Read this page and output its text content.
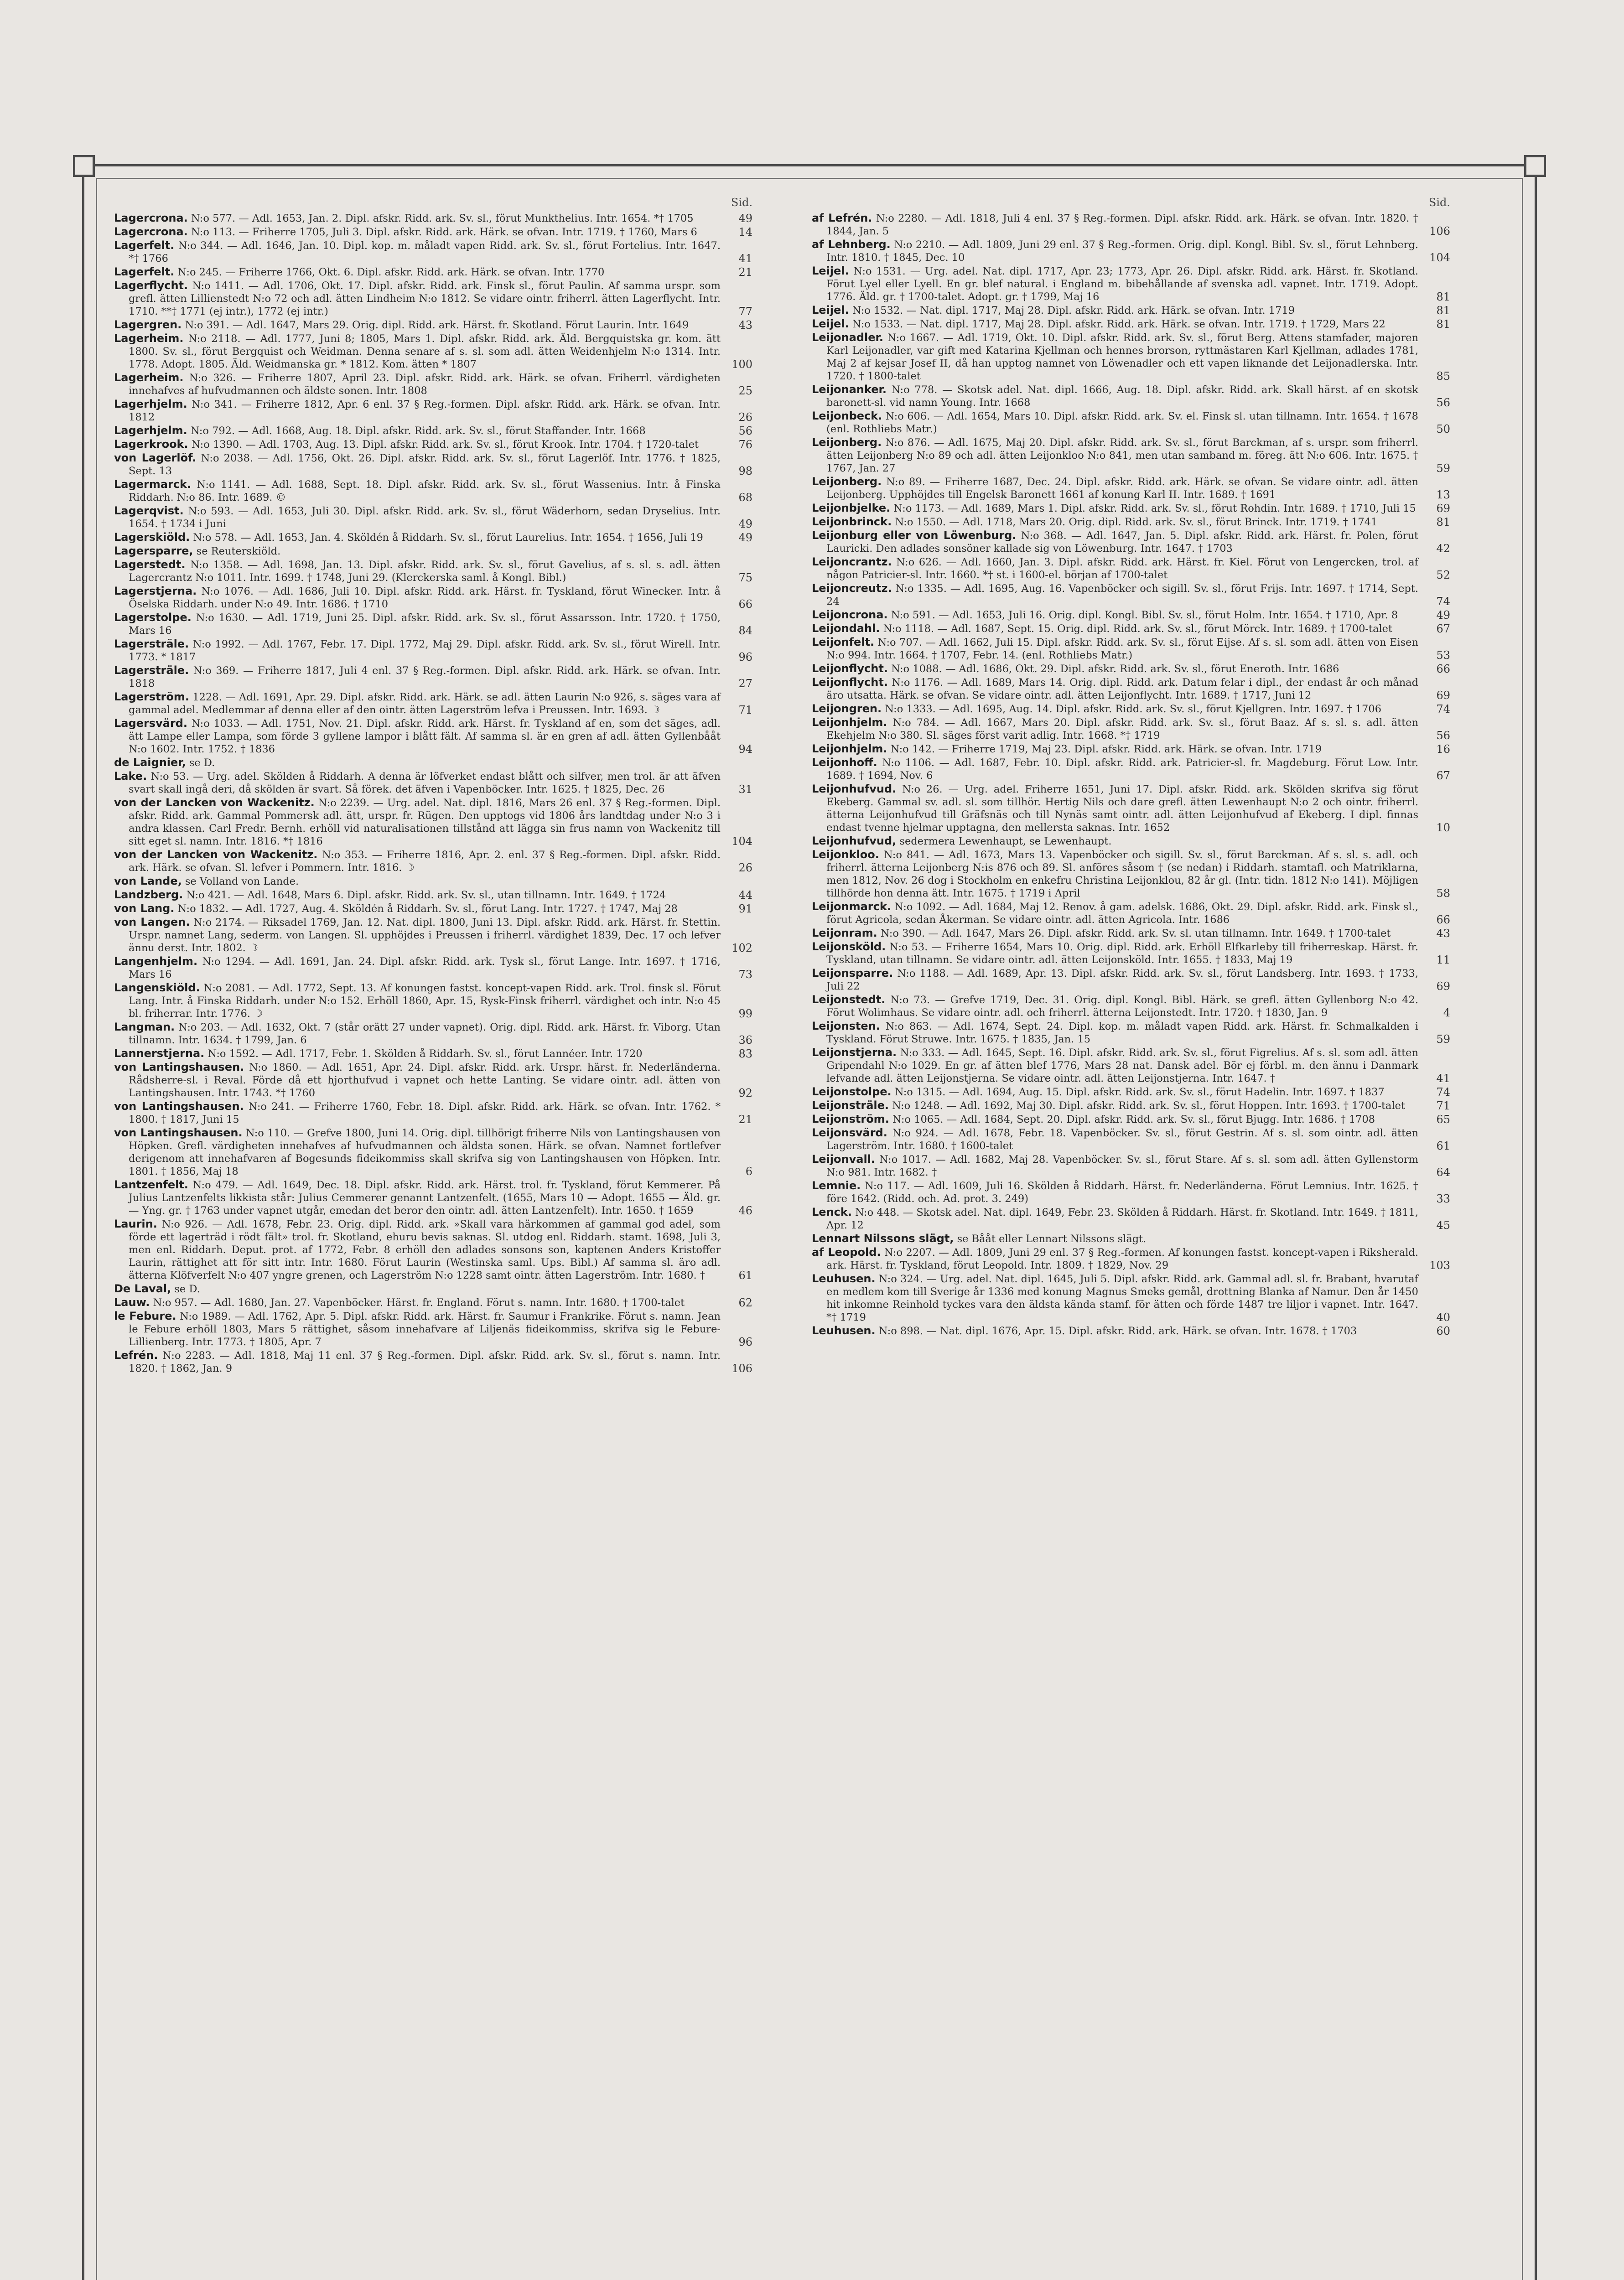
Sid.
Lagercrona. N:o 577. — Adl. 1653, Jan. 2. Dipl. afskr. Ridd. ark. Sv. sl., förut Munkthelius. Intr. 1654. *† 1705	49
Lagercrona. N:o 113. — Friherre 1705, Juli 3. Dipl. afskr. Ridd. ark. Härk. se ofvan. Intr. 1719. † 1760, Mars 6	14
Lagerfelt. N:o 344. — Adl. 1646, Jan. 10. Dipl. kop. m. måladt vapen Ridd. ark. Sv. sl., förut Fortelius. Intr. 1647. *† 1766	41
Lagerfelt. N:o 245. — Friherre 1766, Okt. 6. Dipl. afskr. Ridd. ark. Härk. se ofvan. Intr. 1770	21
Lagerflycht. N:o 1411. — Adl. 1706, Okt. 17. Dipl. afskr. Ridd. ark. Finsk sl., förut Paulin. Af samma urspr. som grefl. ätten Lillienstedt N:o 72 och adl. ätten Lindheim N:o 1812. Se vidare ointr. friherrl. ätten Lagerflycht. Intr. 1710. **† 1771 (ej intr.), 1772 (ej intr.)	77
Lagergren. N:o 391. — Adl. 1647, Mars 29. Orig. dipl. Ridd. ark. Härst. fr. Skotland. Förut Laurin. Intr. 1649	43
Lagerheim. N:o 2118. — Adl. 1777, Juni 8; 1805, Mars 1. Dipl. afskr. Ridd. ark. Äld. Bergquistska gr. kom. ätt 1800. Sv. sl., förut Bergquist och Weidman. Denna senare af s. sl. som adl. ätten Weidenhjelm N:o 1314. Intr. 1778. Adopt. 1805. Äld. Weidmanska gr. * 1812. Kom. ätten * 1807	100
Lagerheim. N:o 326. — Friherre 1807, April 23. Dipl. afskr. Ridd. ark. Härk. se ofvan. Friherrl. värdigheten innehafves af hufvudmannen och äldste sonen. Intr. 1808	25
Lagerhjelm. N:o 341. — Friherre 1812, Apr. 6 enl. 37 § Reg.-formen. Dipl. afskr. Ridd. ark. Härk. se ofvan. Intr. 1812	26
Lagerhjelm. N:o 792. — Adl. 1668, Aug. 18. Dipl. afskr. Ridd. ark. Sv. sl., förut Staffander. Intr. 1668	56
Lagerkrook. N:o 1390. — Adl. 1703, Aug. 13. Dipl. afskr. Ridd. ark. Sv. sl., förut Krook. Intr. 1704. † 1720-talet	76
von Lagerlöf. N:o 2038. — Adl. 1756, Okt. 26. Dipl. afskr. Ridd. ark. Sv. sl., förut Lagerlöf. Intr. 1776. † 1825, Sept. 13	98
Lagermarck. N:o 1141. — Adl. 1688, Sept. 18. Dipl. afskr. Ridd. ark. Sv. sl., förut Wassenius. Intr. å Finska Riddarh. N:o 86. Intr. 1689. ©	68
Lagerqvist. N:o 593. — Adl. 1653, Juli 30. Dipl. afskr. Ridd. ark. Sv. sl., förut Wäderhorn, sedan Dryselius. Intr. 1654. † 1734 i Juni	49
Lagerskiöld. N:o 578. — Adl. 1653, Jan. 4. Sköldén å Riddarh. Sv. sl., förut Laurelius. Intr. 1654. † 1656, Juli 19	49
Lagersparre, se Reuterskiöld.
Lagerstedt. N:o 1358. — Adl. 1698, Jan. 13. Dipl. afskr. Ridd. ark. Sv. sl., förut Gavelius, af s. sl. s. adl. ätten Lagercrantz N:o 1011. Intr. 1699. † 1748, Juni 29. (Klerckerska saml. å Kongl. Bibl.)	75
Lagerstjerna. N:o 1076. — Adl. 1686, Juli 10. Dipl. afskr. Ridd. ark. Härst. fr. Tyskland, förut Winecker. Intr. å Öselska Riddarh. under N:o 49. Intr. 1686. † 1710	66
Lagerstolpe. N:o 1630. — Adl. 1719, Juni 25. Dipl. afskr. Ridd. ark. Sv. sl., förut Assarsson. Intr. 1720. † 1750, Mars 16	84
Lagersträle. N:o 1992. — Adl. 1767, Febr. 17. Dipl. 1772, Maj 29. Dipl. afskr. Ridd. ark. Sv. sl., förut Wirell. Intr. 1773. * 1817	96
Lagersträle. N:o 369. — Friherre 1817, Juli 4 enl. 37 § Reg.-formen. Dipl. afskr. Ridd. ark. Härk. se ofvan. Intr. 1818	27
Lagerström. 1228. — Adl. 1691, Apr. 29. Dipl. afskr. Ridd. ark. Härk. se adl. ätten Laurin N:o 926, s. säges vara af gammal adel. Medlemmar af denna eller af den ointr. ätten Lagerström lefva i Preussen. Intr. 1693. ☽	71
Lagersvärd. N:o 1033. — Adl. 1751, Nov. 21. Dipl. afskr. Ridd. ark. Härst. fr. Tyskland af en, som det säges, adl. ätt Lampe eller Lampa, som förde 3 gyllene lampor i blått fält. Af samma sl. är en gren af adl. ätten Gyllenbååt N:o 1602. Intr. 1752. † 1836	94
de Laignier, se D.
Lake. N:o 53. — Urg. adel. Skölden å Riddarh. A denna är löfverket endast blått och silfver, men trol. är att äfven svart skall ingå deri, då skölden är svart. Så förek. det äfven i Vapenböcker. Intr. 1625. † 1825, Dec. 26	31
von der Lancken von Wackenitz. N:o 2239. — Urg. adel. Nat. dipl. 1816, Mars 26 enl. 37 § Reg.-formen. Dipl. afskr. Ridd. ark. Gammal Pommersk adl. ätt, urspr. fr. Rügen. Den upptogs vid 1806 års landtdag under N:o 3 i andra klassen. Carl Fredr. Bernh. erhöll vid naturalisationen tillstånd att lägga sin frus namn von Wackenitz till sitt eget sl. namn. Intr. 1816. *† 1816	104
von der Lancken von Wackenitz. N:o 353. — Friherre 1816, Apr. 2. enl. 37 § Reg.-formen. Dipl. afskr. Ridd. ark. Härk. se ofvan. Sl. lefver i Pommern. Intr. 1816. ☽	26
von Lande, se Volland von Lande.
Landzberg. N:o 421. — Adl. 1648, Mars 6. Dipl. afskr. Ridd. ark. Sv. sl., utan tillnamn. Intr. 1649. † 1724	44
von Lang. N:o 1832. — Adl. 1727, Aug. 4. Sköldén å Riddarh. Sv. sl., förut Lang. Intr. 1727. † 1747, Maj 28	91
von Langen. N:o 2174. — Riksadel 1769, Jan. 12. Nat. dipl. 1800, Juni 13. Dipl. afskr. Ridd. ark. Härst. fr. Stettin. Urspr. namnet Lang, sederm. von Langen. Sl. upphöjdes i Preussen i friherrl. värdighet 1839, Dec. 17 och lefver ännu derst. Intr. 1802. ☽	102
Langenhjelm. N:o 1294. — Adl. 1691, Jan. 24. Dipl. afskr. Ridd. ark. Tysk sl., förut Lange. Intr. 1697. † 1716, Mars 16	73
Langenskiöld. N:o 2081. — Adl. 1772, Sept. 13. Af konungen fastst. koncept-vapen Ridd. ark. Trol. finsk sl. Förut Lang. Intr. å Finska Riddarh. under N:o 152. Erhöll 1860, Apr. 15, Rysk-Finsk friherrl. värdighet och intr. N:o 45 bl. friherrar. Intr. 1776. ☽	99
Langman. N:o 203. — Adl. 1632, Okt. 7 (står orätt 27 under vapnet). Orig. dipl. Ridd. ark. Härst. fr. Viborg. Utan tillnamn. Intr. 1634. † 1799, Jan. 6	36
Lannerstjerna. N:o 1592. — Adl. 1717, Febr. 1. Skölden å Riddarh. Sv. sl., förut Lannéer. Intr. 1720	83
von Lantingshausen. N:o 1860. — Adl. 1651, Apr. 24. Dipl. afskr. Ridd. ark. Urspr. härst. fr. Nederländerna. Rådsherre-sl. i Reval. Förde då ett hjorthufvud i vapnet och hette Lanting. Se vidare ointr. adl. ätten von Lantingshausen. Intr. 1743. *† 1760	92
von Lantingshausen. N:o 241. — Friherre 1760, Febr. 18. Dipl. afskr. Ridd. ark. Härk. se ofvan. Intr. 1762. * 1800. † 1817, Juni 15	21
von Lantingshausen. N:o 110. — Grefve 1800, Juni 14. Orig. dipl. tillhörigt friherre Nils von Lantingshausen von Höpken. Grefl. värdigheten innehafves af hufvudmannen och äldsta sonen. Härk. se ofvan. Namnet fortlefver derigenom att innehafvaren af Bogesunds fideikommiss skall skrifva sig von Lantingshausen von Höpken. Intr. 1801. † 1856, Maj 18	6
Lantzenfelt. N:o 479. — Adl. 1649, Dec. 18. Dipl. afskr. Ridd. ark. Härst. trol. fr. Tyskland, förut Kemmerer. På Julius Lantzenfelts likkista står: Julius Cemmerer genannt Lantzenfelt. (1655, Mars 10 — Adopt. 1655 — Äld. gr. — Yng. gr. † 1763 under vapnet utgår, emedan det beror den ointr. adl. ätten Lantzenfelt). Intr. 1650. † 1659	46
Laurin. N:o 926. — Adl. 1678, Febr. 23. Orig. dipl. Ridd. ark. »Skall vara härkommen af gammal god adel, som förde ett lagerträd i rödt fält» trol. fr. Skotland, ehuru bevis saknas. Sl. utdog enl. Riddarh. stamt. 1698, Juli 3, men enl. Riddarh. Deput. prot. af 1772, Febr. 8 erhöll den adlades sonsons son, kaptenen Anders Kristoffer Laurin, rättighet att för sitt intr. Intr. 1680. Förut Laurin (Westinska saml. Ups. Bibl.) Af samma sl. äro adl. ätterna Klöfverfelt N:o 407 yngre grenen, och Lagerström N:o 1228 samt ointr. ätten Lagerström. Intr. 1680. †	61
De Laval, se D.
Lauw. N:o 957. — Adl. 1680, Jan. 27. Vapenböcker. Härst. fr. England. Förut s. namn. Intr. 1680. † 1700-talet	62
le Febure. N:o 1989. — Adl. 1762, Apr. 5. Dipl. afskr. Ridd. ark. Härst. fr. Saumur i Frankrike. Förut s. namn. Jean le Febure erhöll 1803, Mars 5 rättighet, såsom innehafvare af Liljenäs fideikommiss, skrifva sig le Febure-Lillienberg. Intr. 1773. † 1805, Apr. 7	96
Lefrén. N:o 2283. — Adl. 1818, Maj 11 enl. 37 § Reg.-formen. Dipl. afskr. Ridd. ark. Sv. sl., förut s. namn. Intr. 1820. † 1862, Jan. 9	106
Sid.
af Lefrén. N:o 2280. — Adl. 1818, Juli 4 enl. 37 § Reg.-formen. Dipl. afskr. Ridd. ark. Härk. se ofvan. Intr. 1820. † 1844, Jan. 5	106
af Lehnberg. N:o 2210. — Adl. 1809, Juni 29 enl. 37 § Reg.-formen. Orig. dipl. Kongl. Bibl. Sv. sl., förut Lehnberg. Intr. 1810. † 1845, Dec. 10	104
Leijel. N:o 1531. — Urg. adel. Nat. dipl. 1717, Apr. 23; 1773, Apr. 26. Dipl. afskr. Ridd. ark. Härst. fr. Skotland. Förut Lyel eller Lyell. En gr. blef natural. i England m. bibehållande af svenska adl. vapnet. Intr. 1719. Adopt. 1776. Äld. gr. † 1700-talet. Adopt. gr. † 1799, Maj 16	81
Leijel. N:o 1532. — Nat. dipl. 1717, Maj 28. Dipl. afskr. Ridd. ark. Härk. se ofvan. Intr. 1719	81
Leijel. N:o 1533. — Nat. dipl. 1717, Maj 28. Dipl. afskr. Ridd. ark. Härk. se ofvan. Intr. 1719. † 1729, Mars 22	81
Leijonadler. N:o 1667. — Adl. 1719, Okt. 10. Dipl. afskr. Ridd. ark. Sv. sl., förut Berg. Attens stamfader, majoren Karl Leijonadler, var gift med Katarina Kjellman och hennes brorson, ryttmästaren Karl Kjellman, adlades 1781, Maj 2 af kejsar Josef II, då han upptog namnet von Löwenadler och ett vapen liknande det Leijonadlerska. Intr. 1720. † 1800-talet	85
Leijonanker. N:o 778. — Skotsk adel. Nat. dipl. 1666, Aug. 18. Dipl. afskr. Ridd. ark. Skall härst. af en skotsk baronett-sl. vid namn Young. Intr. 1668	56
Leijonbeck. N:o 606. — Adl. 1654, Mars 10. Dipl. afskr. Ridd. ark. Sv. el. Finsk sl. utan tillnamn. Intr. 1654. † 1678 (enl. Rothliebs Matr.)	50
Leijonberg. N:o 876. — Adl. 1675, Maj 20. Dipl. afskr. Ridd. ark. Sv. sl., förut Barckman, af s. urspr. som friherrl. ätten Leijonberg N:o 89 och adl. ätten Leijonkloo N:o 841, men utan samband m. föreg. ätt N:o 606. Intr. 1675. † 1767, Jan. 27	59
Leijonberg. N:o 89. — Friherre 1687, Dec. 24. Dipl. afskr. Ridd. ark. Härk. se ofvan. Se vidare ointr. adl. ätten Leijonberg. Upphöjdes till Engelsk Baronett 1661 af konung Karl II. Intr. 1689. † 1691	13
Leijonbjelke. N:o 1173. — Adl. 1689, Mars 1. Dipl. afskr. Ridd. ark. Sv. sl., förut Rohdin. Intr. 1689. † 1710, Juli 15	69
Leijonbrinck. N:o 1550. — Adl. 1718, Mars 20. Orig. dipl. Ridd. ark. Sv. sl., förut Brinck. Intr. 1719. † 1741	81
Leijonburg eller von Löwenburg. N:o 368. — Adl. 1647, Jan. 5. Dipl. afskr. Ridd. ark. Härst. fr. Polen, förut Lauricki. Den adlades sonsöner kallade sig von Löwenburg. Intr. 1647. † 1703	42
Leijoncrantz. N:o 626. — Adl. 1660, Jan. 3. Dipl. afskr. Ridd. ark. Härst. fr. Kiel. Förut von Lengercken, trol. af någon Patricier-sl. Intr. 1660. *† st. i 1600-el. början af 1700-talet	52
Leijoncreutz. N:o 1335. — Adl. 1695, Aug. 16. Vapenböcker och sigill. Sv. sl., förut Frijs. Intr. 1697. † 1714, Sept. 24	74
Leijoncrona. N:o 591. — Adl. 1653, Juli 16. Orig. dipl. Kongl. Bibl. Sv. sl., förut Holm. Intr. 1654. † 1710, Apr. 8	49
Leijondahl. N:o 1118. — Adl. 1687, Sept. 15. Orig. dipl. Ridd. ark. Sv. sl., förut Mörck. Intr. 1689. † 1700-talet	67
Leijonfelt. N:o 707. — Adl. 1662, Juli 15. Dipl. afskr. Ridd. ark. Sv. sl., förut Eijse. Af s. sl. som adl. ätten von Eisen N:o 994. Intr. 1664. † 1707, Febr. 14. (enl. Rothliebs Matr.)	53
Leijonflycht. N:o 1088. — Adl. 1686, Okt. 29. Dipl. afskr. Ridd. ark. Sv. sl., förut Eneroth. Intr. 1686	66
Leijonflycht. N:o 1176. — Adl. 1689, Mars 14. Orig. dipl. Ridd. ark. Datum felar i dipl., der endast år och månad äro utsatta. Härk. se ofvan. Se vidare ointr. adl. ätten Leijonflycht. Intr. 1689. † 1717, Juni 12	69
Leijongren. N:o 1333. — Adl. 1695, Aug. 14. Dipl. afskr. Ridd. ark. Sv. sl., förut Kjellgren. Intr. 1697. † 1706	74
Leijonhjelm. N:o 784. — Adl. 1667, Mars 20. Dipl. afskr. Ridd. ark. Sv. sl., förut Baaz. Af s. sl. s. adl. ätten Ekehjelm N:o 380. Sl. säges först varit adlig. Intr. 1668. *† 1719	56
Leijonhjelm. N:o 142. — Friherre 1719, Maj 23. Dipl. afskr. Ridd. ark. Härk. se ofvan. Intr. 1719	16
Leijonhoff. N:o 1106. — Adl. 1687, Febr. 10. Dipl. afskr. Ridd. ark. Patricier-sl. fr. Magdeburg. Förut Low. Intr. 1689. † 1694, Nov. 6	67
Leijonhufvud. N:o 26. — Urg. adel. Friherre 1651, Juni 17. Dipl. afskr. Ridd. ark. Skölden skrifva sig förut Ekeberg. Gammal sv. adl. sl. som tillhör. Hertig Nils och dare grefl. ätten Lewenhaupt N:o 2 och ointr. friherrl. ätterna Leijonhufvud till Gräfsnäs och till Nynäs samt ointr. adl. ätten Leijonhufvud af Ekeberg. I dipl. finnas endast tvenne hjelmar upptagna, den mellersta saknas. Intr. 1652	10
Leijonhufvud, sedermera Lewenhaupt, se Lewenhaupt.
Leijonkloo. N:o 841. — Adl. 1673, Mars 13. Vapenböcker och sigill. Sv. sl., förut Barckman. Af s. sl. s. adl. och friherrl. ätterna Leijonberg N:is 876 och 89. Sl. anföres såsom † (se nedan) i Riddarh. stamtafl. och Matriklarna, men 1812, Nov. 26 dog i Stockholm en enkefru Christina Leijonklou, 82 år gl. (Intr. tidn. 1812 N:o 141). Möjligen tillhörde hon denna ätt. Intr. 1675. † 1719 i April	58
Leijonmarck. N:o 1092. — Adl. 1684, Maj 12. Renov. å gam. adelsk. 1686, Okt. 29. Dipl. afskr. Ridd. ark. Finsk sl., förut Agricola, sedan Åkerman. Se vidare ointr. adl. ätten Agricola. Intr. 1686	66
Leijonram. N:o 390. — Adl. 1647, Mars 26. Dipl. afskr. Ridd. ark. Sv. sl. utan tillnamn. Intr. 1649. † 1700-talet	43
Leijonsköld. N:o 53. — Friherre 1654, Mars 10. Orig. dipl. Ridd. ark. Erhöll Elfkarleby till friherreskap. Härst. fr. Tyskland, utan tillnamn. Se vidare ointr. adl. ätten Leijonsköld. Intr. 1655. † 1833, Maj 19	11
Leijonsparre. N:o 1188. — Adl. 1689, Apr. 13. Dipl. afskr. Ridd. ark. Sv. sl., förut Landsberg. Intr. 1693. † 1733, Juli 22	69
Leijonstedt. N:o 73. — Grefve 1719, Dec. 31. Orig. dipl. Kongl. Bibl. Härk. se grefl. ätten Gyllenborg N:o 42. Förut Wolimhaus. Se vidare ointr. adl. och friherrl. ätterna Leijonstedt. Intr. 1720. † 1830, Jan. 9	4
Leijonsten. N:o 863. — Adl. 1674, Sept. 24. Dipl. kop. m. måladt vapen Ridd. ark. Härst. fr. Schmalkalden i Tyskland. Förut Struwe. Intr. 1675. † 1835, Jan. 15	59
Leijonstjerna. N:o 333. — Adl. 1645, Sept. 16. Dipl. afskr. Ridd. ark. Sv. sl., förut Figrelius. Af s. sl. som adl. ätten Gripendahl N:o 1029. En gr. af ätten blef 1776, Mars 28 nat. Dansk adel. Bör ej förbl. m. den ännu i Danmark lefvande adl. ätten Leijonstjerna. Se vidare ointr. adl. ätten Leijonstjerna. Intr. 1647. †	41
Leijonstolpe. N:o 1315. — Adl. 1694, Aug. 15. Dipl. afskr. Ridd. ark. Sv. sl., förut Hadelin. Intr. 1697. † 1837	74
Leijonsträle. N:o 1248. — Adl. 1692, Maj 30. Dipl. afskr. Ridd. ark. Sv. sl., förut Hoppen. Intr. 1693. † 1700-talet	71
Leijonström. N:o 1065. — Adl. 1684, Sept. 20. Dipl. afskr. Ridd. ark. Sv. sl., förut Bjugg. Intr. 1686. † 1708	65
Leijonsvärd. N:o 924. — Adl. 1678, Febr. 18. Vapenböcker. Sv. sl., förut Gestrin. Af s. sl. som ointr. adl. ätten Lagerström. Intr. 1680. † 1600-talet	61
Leijonvall. N:o 1017. — Adl. 1682, Maj 28. Vapenböcker. Sv. sl., förut Stare. Af s. sl. som adl. ätten Gyllenstorm N:o 981. Intr. 1682. †	64
Lemnie. N:o 117. — Adl. 1609, Juli 16. Skölden å Riddarh. Härst. fr. Nederländerna. Förut Lemnius. Intr. 1625. † före 1642. (Ridd. och. Ad. prot. 3. 249)	33
Lenck. N:o 448. — Skotsk adel. Nat. dipl. 1649, Febr. 23. Skölden å Riddarh. Härst. fr. Skotland. Intr. 1649. † 1811, Apr. 12	45
Lennart Nilssons slägt, se Bååt eller Lennart Nilssons slägt.
af Leopold. N:o 2207. — Adl. 1809, Juni 29 enl. 37 § Reg.-formen. Af konungen fastst. koncept-vapen i Riksherald. ark. Härst. fr. Tyskland, förut Leopold. Intr. 1809. † 1829, Nov. 29	103
Leuhusen. N:o 324. — Urg. adel. Nat. dipl. 1645, Juli 5. Dipl. afskr. Ridd. ark. Gammal adl. sl. fr. Brabant, hvarutaf en medlem kom till Sverige år 1336 med konung Magnus Smeks gemål, drottning Blanka af Namur. Den år 1450 hit inkomne Reinhold tyckes vara den äldsta kända stamf. för ätten och förde 1487 tre liljor i vapnet. Intr. 1647. *† 1719	40
Leuhusen. N:o 898. — Nat. dipl. 1676, Apr. 15. Dipl. afskr. Ridd. ark. Härk. se ofvan. Intr. 1678. † 1703	60
